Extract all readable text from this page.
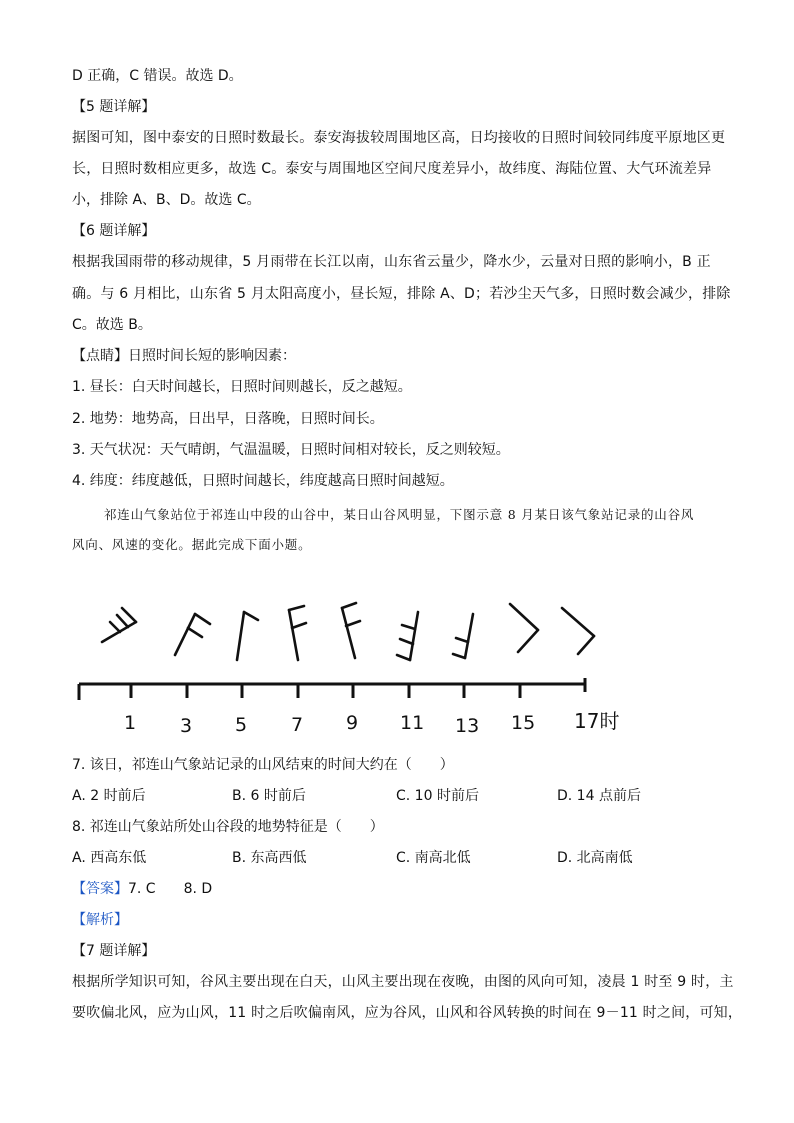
D 正确，C 错误。故选 D。
【5 题详解】
据图可知，图中泰安的日照时数最长。泰安海拔较周围地区高，日均接收的日照时间较同纬度平原地区更
长，日照时数相应更多，故选 C。泰安与周围地区空间尺度差异小，故纬度、海陆位置、大气环流差异
小，排除 A、B、D。故选 C。
【6 题详解】
根据我国雨带的移动规律，5 月雨带在长江以南，山东省云量少，降水少，云量对日照的影响小，B 正
确。与 6 月相比，山东省 5 月太阳高度小，昼长短，排除 A、D；若沙尘天气多，日照时数会减少，排除
C。故选 B。
【点睛】日照时间长短的影响因素：
1. 昼长：白天时间越长，日照时间则越长，反之越短。
2. 地势：地势高，日出早，日落晚，日照时间长。
3. 天气状况：天气晴朗，气温温暖，日照时间相对较长，反之则较短。
4. 纬度：纬度越低，日照时间越长，纬度越高日照时间越短。
祁连山气象站位于祁连山中段的山谷中，某日山谷风明显，下图示意 8 月某日该气象站记录的山谷风
风向、风速的变化。据此完成下面小题。
1 3 5 7 9 11 13 15 17时
7. 该日，祁连山气象站记录的山风结束的时间大约在（　　）
A. 2 时前后	B. 6 时前后	C. 10 时前后	D. 14 点前后
8. 祁连山气象站所处山谷段的地势特征是（　　）
A. 西高东低	B. 东高西低	C. 南高北低	D. 北高南低
【答案】7. C　　8. D
【解析】
【7 题详解】
根据所学知识可知，谷风主要出现在白天，山风主要出现在夜晚，由图的风向可知，凌晨 1 时至 9 时，主
要吹偏北风，应为山风，11 时之后吹偏南风，应为谷风，山风和谷风转换的时间在 9－11 时之间，可知，
